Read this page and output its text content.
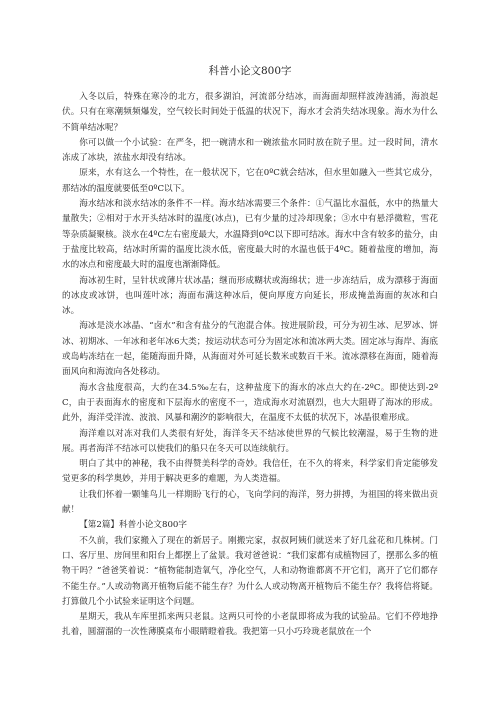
科普小论文800字

入冬以后，特殊在寒冷的北方，很多湖泊，河流部分结冰，而海面却照样波涛汹涌，海浪起伏。只有在寒潮频频爆发，空气较长时间处于低温的状况下，海水才会消失结冰现象。海水为什么不简单结冰呢？

你可以做一个小试验：在严冬，把一碗清水和一碗浓盐水同时放在院子里。过一段时间，清水冻成了冰块，浓盐水却没有结冰。

原来，水有这么一个特性，在一般状况下，它在0ºC就会结冰，但水里如融入一些其它成分，那结冰的温度就要低至0ºC以下。

海水结冰和淡水结冰的条件不一样。海水结冰需要三个条件：①气温比水温低，水中的热量大量散失；②相对于水开头结冰时的温度(冰点)，已有少量的过冷却现象；③水中有悬浮微粒，雪花等杂质凝聚核。淡水在4ºC左右密度最大，水温降到0ºC以下即可结冰。海水中含有较多的盐分，由于盐度比较高，结冰时所需的温度比淡水低，密度最大时的水温也低于4ºC。随着盐度的增加，海水的冰点和密度最大时的温度也渐渐降低。

海冰初生时，呈针状或薄片状冰晶；继而形成糊状或海绵状；进一步冻结后，成为漂移于海面的冰皮或冰饼，也叫莲叶冰；海面布满这种冰后，便向厚度方向延长，形成掩盖海面的灰冰和白冰。

海冰是淡水冰晶、“卤水”和含有盐分的气泡混合体。按进展阶段，可分为初生冰、尼罗冰、饼冰、初期冰、一年冰和老年冰6大类；按运动状态可分为固定冰和流冰两大类。固定冰与海岸、海底或岛屿冻结在一起，能随海面升降，从海面对外可延长数米或数百千米。流冰漂移在海面，随着海面风向和海流向各处移动。

海水含盐度很高，大约在34.5‰左右，这种盐度下的海水的冰点大约在-2ºC。即使达到-2ºC，由于表面海水的密度和下层海水的密度不一，造成海水对流剧烈，也大大阻碍了海冰的形成。此外，海洋受洋流、波浪、风暴和潮汐的影响很大，在温度不太低的状况下，冰晶很难形成。

海洋难以对冻对我们人类很有好处，海洋冬天不结冰使世界的气候比较潮湿，易于生物的进展。再者海洋不结冰可以使我们的船只在冬天可以连续航行。

明白了其中的神秘，我不由得赞美科学的奇妙。我信任，在不久的将来，科学家们肯定能够发觉更多的科学奥妙，并用于解决更多的难题，为人类造福。

让我们怀着一颗雏鸟儿一样期盼飞行的心，飞向学问的海洋，努力拼搏，为祖国的将来做出贡献！

【第2篇】科普小论文800字

不久前，我们家搬入了现在的新居子。刚搬完家，叔叔阿姨们就送来了好几盆花和几株树。门口、客厅里、房间里和阳台上都摆上了盆景。我对爸爸说：“我们家都有成植物园了，摆那么多的植物干吗？”爸爸笑着说：“植物能制造氧气，净化空气，人和动物谁都离不开它们，离开了它们都存不能生存。”人或动物离开植物后能不能生存？为什么人或动物离开植物后不能生存？我将信将疑。打算做几个小试验来证明这个问题。

星期天，我从车库里抓来两只老鼠。这两只可怜的小老鼠即将成为我的试验品。它们不停地挣扎着，圆溜溜的一次性薄膜桌布小眼睛瞪着我。我把第一只小巧玲珑老鼠放在一个
